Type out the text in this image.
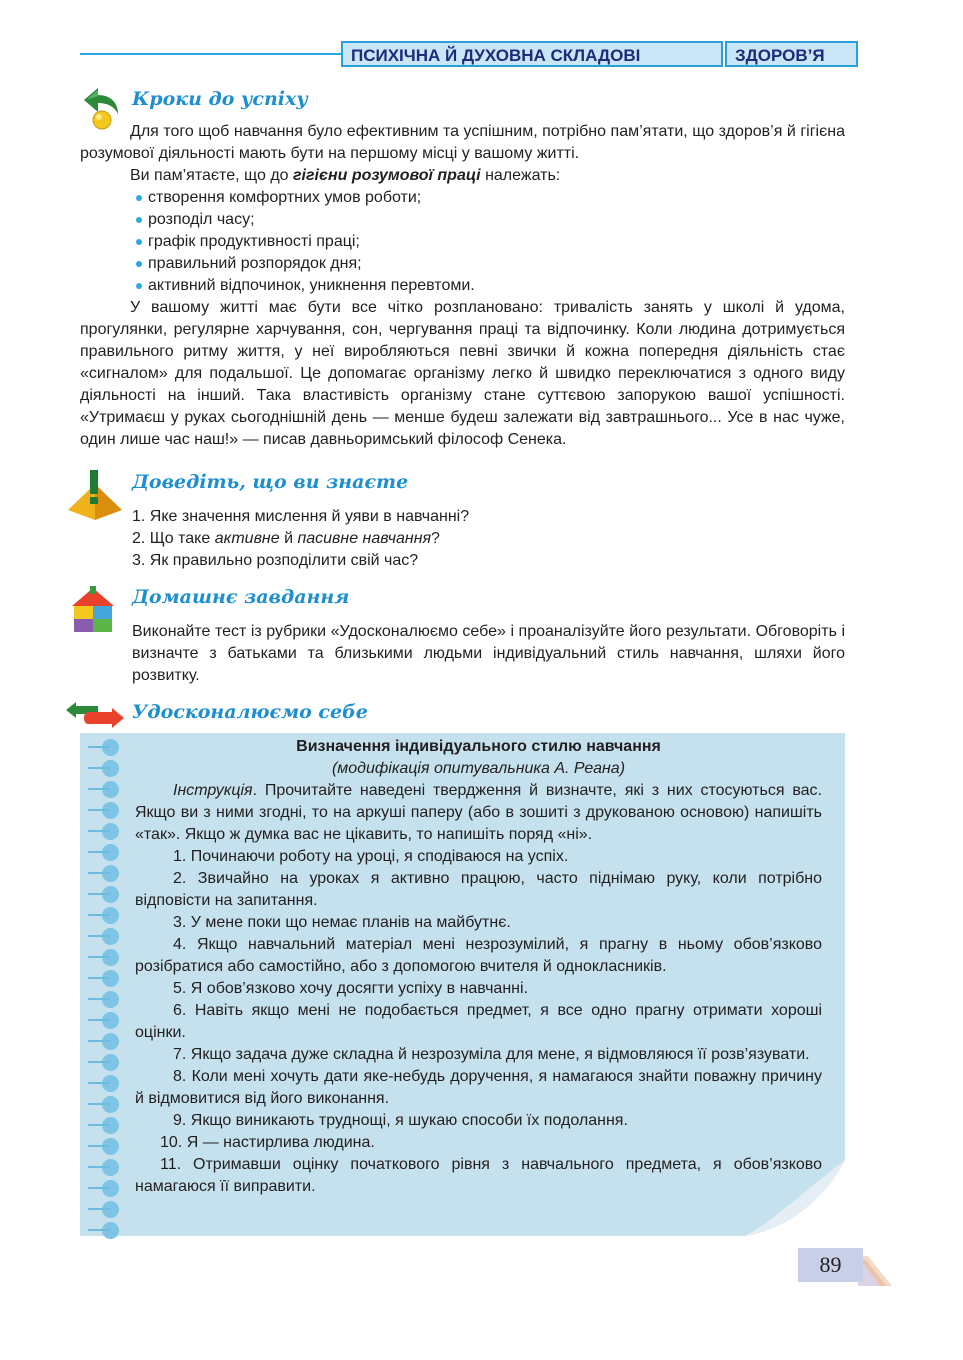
ПСИХІЧНА Й ДУХОВНА СКЛАДОВІ	ЗДОРОВ’Я
Кроки до успіху

Для того щоб навчання було ефективним та успішним, потрібно пам’ятати, що здоров’я й гігієна розумової діяльності мають бути на першому місці у вашому житті.

Ви пам’ятаєте, що до гігієни розумової праці належать:

створення комфортних умов роботи;
розподіл часу;
графік продуктивності праці;
правильний розпорядок дня;
активний відпочинок, уникнення перевтоми.

У вашому житті має бути все чітко розплановано: тривалість занять у школі й удома, прогулянки, регулярне харчування, сон, чергування праці та відпочинку. Коли людина дотримується правильного ритму життя, у неї виробляються певні звички й кожна попередня діяльність стає «сигналом» для подальшої. Це допомагає організму легко й швидко переключатися з одного виду діяльності на інший. Така властивість організму стане суттєвою запорукою вашої успішності. «Утримаєш у руках сьогоднішній день — менше будеш залежати від завтрашнього... Усе в нас чуже, один лише час наш!» — писав давньоримський філософ Сенека.

Доведіть, що ви знаєте

1. Яке значення мислення й уяви в навчанні?

2. Що таке активне й пасивне навчання?

3. Як правильно розподілити свій час?

Домашнє завдання

Виконайте тест із рубрики «Удосконалюємо себе» і проаналізуйте його результати. Обговоріть і визначте з батьками та близькими людьми індивідуальний стиль навчання, шляхи його розвитку.

Удосконалюємо себе

Визначення індивідуального стилю навчання

(модифікація опитувальника А. Реана)

Інструкція. Прочитайте наведені твердження й визначте, які з них стосуються вас. Якщо ви з ними згодні, то на аркуші паперу (або в зошиті з друкованою основою) напишіть «так». Якщо ж думка вас не цікавить, то напишіть поряд «ні».

1. Починаючи роботу на уроці, я сподіваюся на успіх.

2. Звичайно на уроках я активно працюю, часто піднімаю руку, коли потрібно відповісти на запитання.

3. У мене поки що немає планів на майбутнє.

4. Якщо навчальний матеріал мені незрозумілий, я прагну в ньому обов’язково розібратися або самостійно, або з допомогою вчителя й однокласників.

5. Я обов’язково хочу досягти успіху в навчанні.

6. Навіть якщо мені не подобається предмет, я все одно прагну отримати хороші оцінки.

7. Якщо задача дуже складна й незрозуміла для мене, я відмовляюся її розв’язувати.

8. Коли мені хочуть дати яке-небудь доручення, я намагаюся знайти поважну причину й відмовитися від його виконання.

9. Якщо виникають труднощі, я шукаю способи їх подолання.

10. Я — настирлива людина.

11. Отримавши оцінку початкового рівня з навчального предмета, я обов’язково намагаюся її виправити.

89
